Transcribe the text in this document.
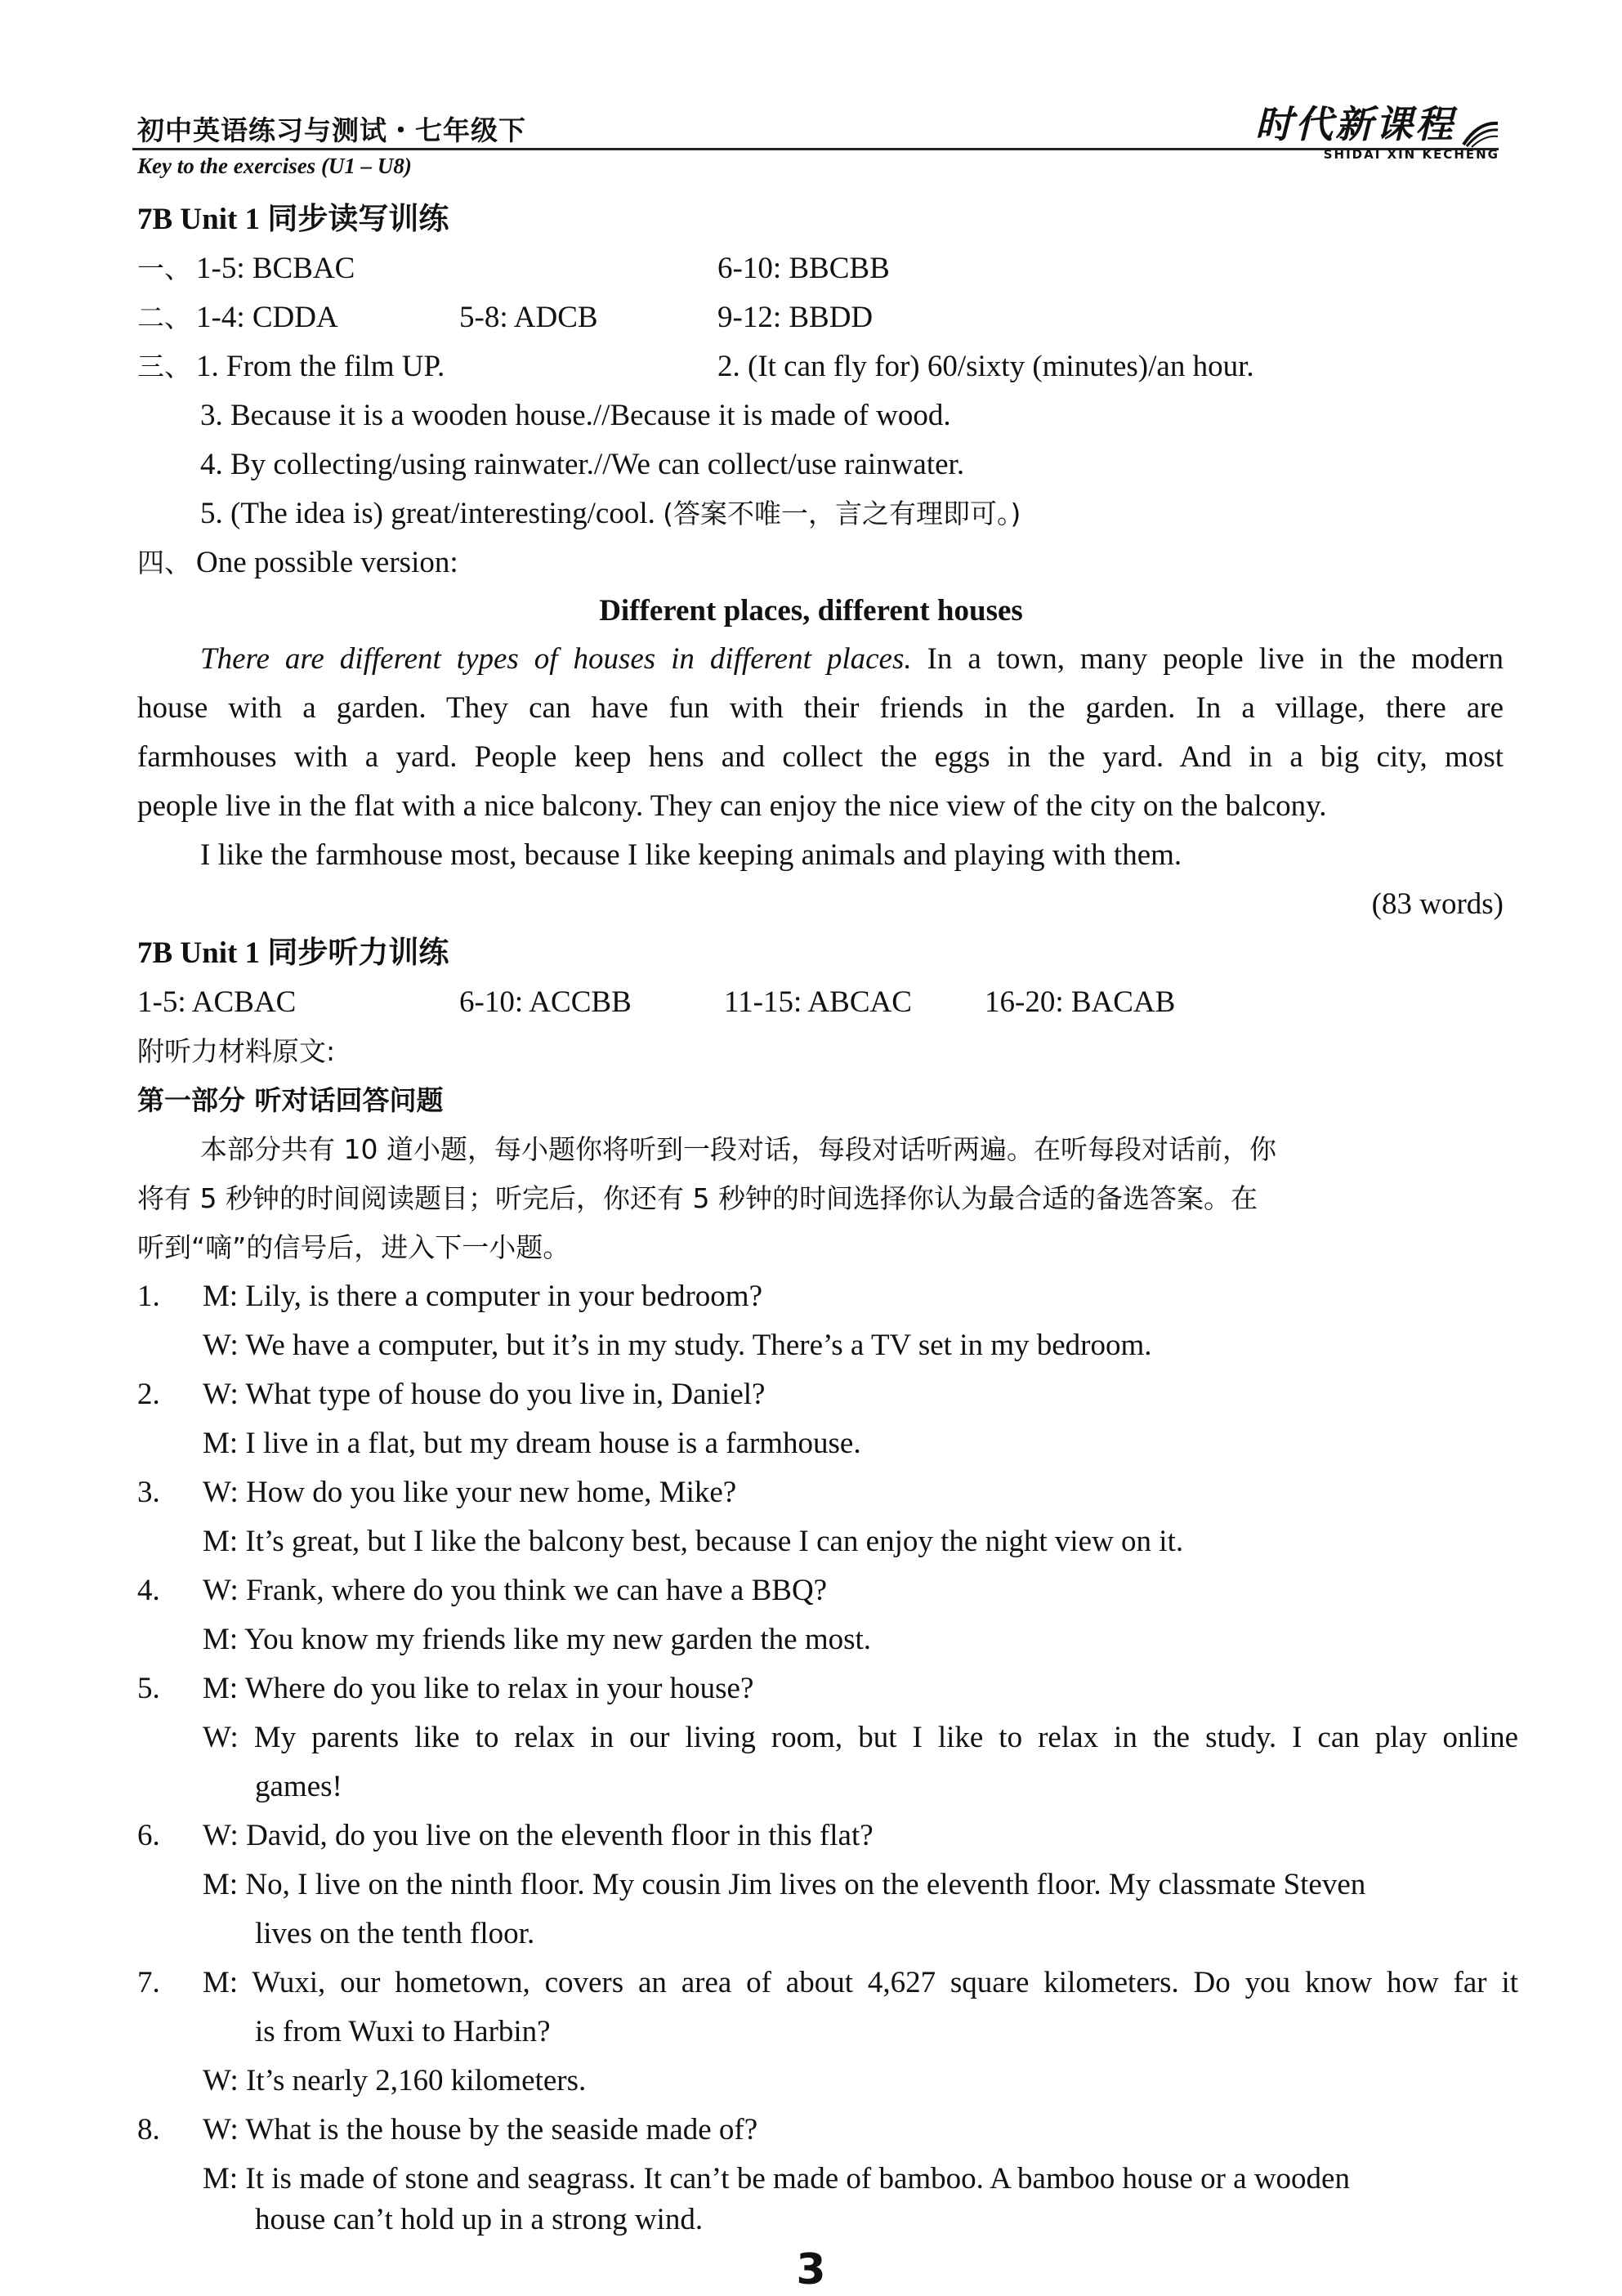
初中英语练习与测试・七年级下
Key to the exercises (U1 – U8)
时代新课程
SHIDAI XIN KECHENG
7B Unit 1 同步读写训练
一、 1-5: BCBAC	6-10: BBCBB
二、 1-4: CDDA	5-8: ADCB	9-12: BBDD
三、 1. From the film UP.	2. (It can fly for) 60/sixty (minutes)/an hour.
3. Because it is a wooden house.//Because it is made of wood.
4. By collecting/using rainwater.//We can collect/use rainwater.
5. (The idea is) great/interesting/cool. (答案不唯一，言之有理即可。)
四、 One possible version:
Different places, different houses
There are different types of houses in different places. In a town, many people live in the modern
house with a garden. They can have fun with their friends in the garden. In a village, there are
farmhouses with a yard. People keep hens and collect the eggs in the yard. And in a big city, most
people live in the flat with a nice balcony. They can enjoy the nice view of the city on the balcony.
I like the farmhouse most, because I like keeping animals and playing with them.
(83 words)
7B Unit 1 同步听力训练
1-5: ACBAC	6-10: ACCBB	11-15: ABCAC 16-20: BACAB
附听力材料原文:
第一部分 听对话回答问题
本部分共有 10 道小题，每小题你将听到一段对话，每段对话听两遍。在听每段对话前，你
将有 5 秒钟的时间阅读题目；听完后，你还有 5 秒钟的时间选择你认为最合适的备选答案。在
听到“嘀”的信号后，进入下一小题。
1. M: Lily, is there a computer in your bedroom?
W: We have a computer, but it’s in my study. There’s a TV set in my bedroom.
2. W: What type of house do you live in, Daniel?
M: I live in a flat, but my dream house is a farmhouse.
3. W: How do you like your new home, Mike?
M: It’s great, but I like the balcony best, because I can enjoy the night view on it.
4. W: Frank, where do you think we can have a BBQ?
M: You know my friends like my new garden the most.
5. M: Where do you like to relax in your house?
W: My parents like to relax in our living room, but I like to relax in the study. I can play online
games!
6. W: David, do you live on the eleventh floor in this flat?
M: No, I live on the ninth floor. My cousin Jim lives on the eleventh floor. My classmate Steven
lives on the tenth floor.
7. M: Wuxi, our hometown, covers an area of about 4,627 square kilometers. Do you know how far it
is from Wuxi to Harbin?
W: It’s nearly 2,160 kilometers.
8. W: What is the house by the seaside made of?
M: It is made of stone and seagrass. It can’t be made of bamboo. A bamboo house or a wooden
house can’t hold up in a strong wind.
3
